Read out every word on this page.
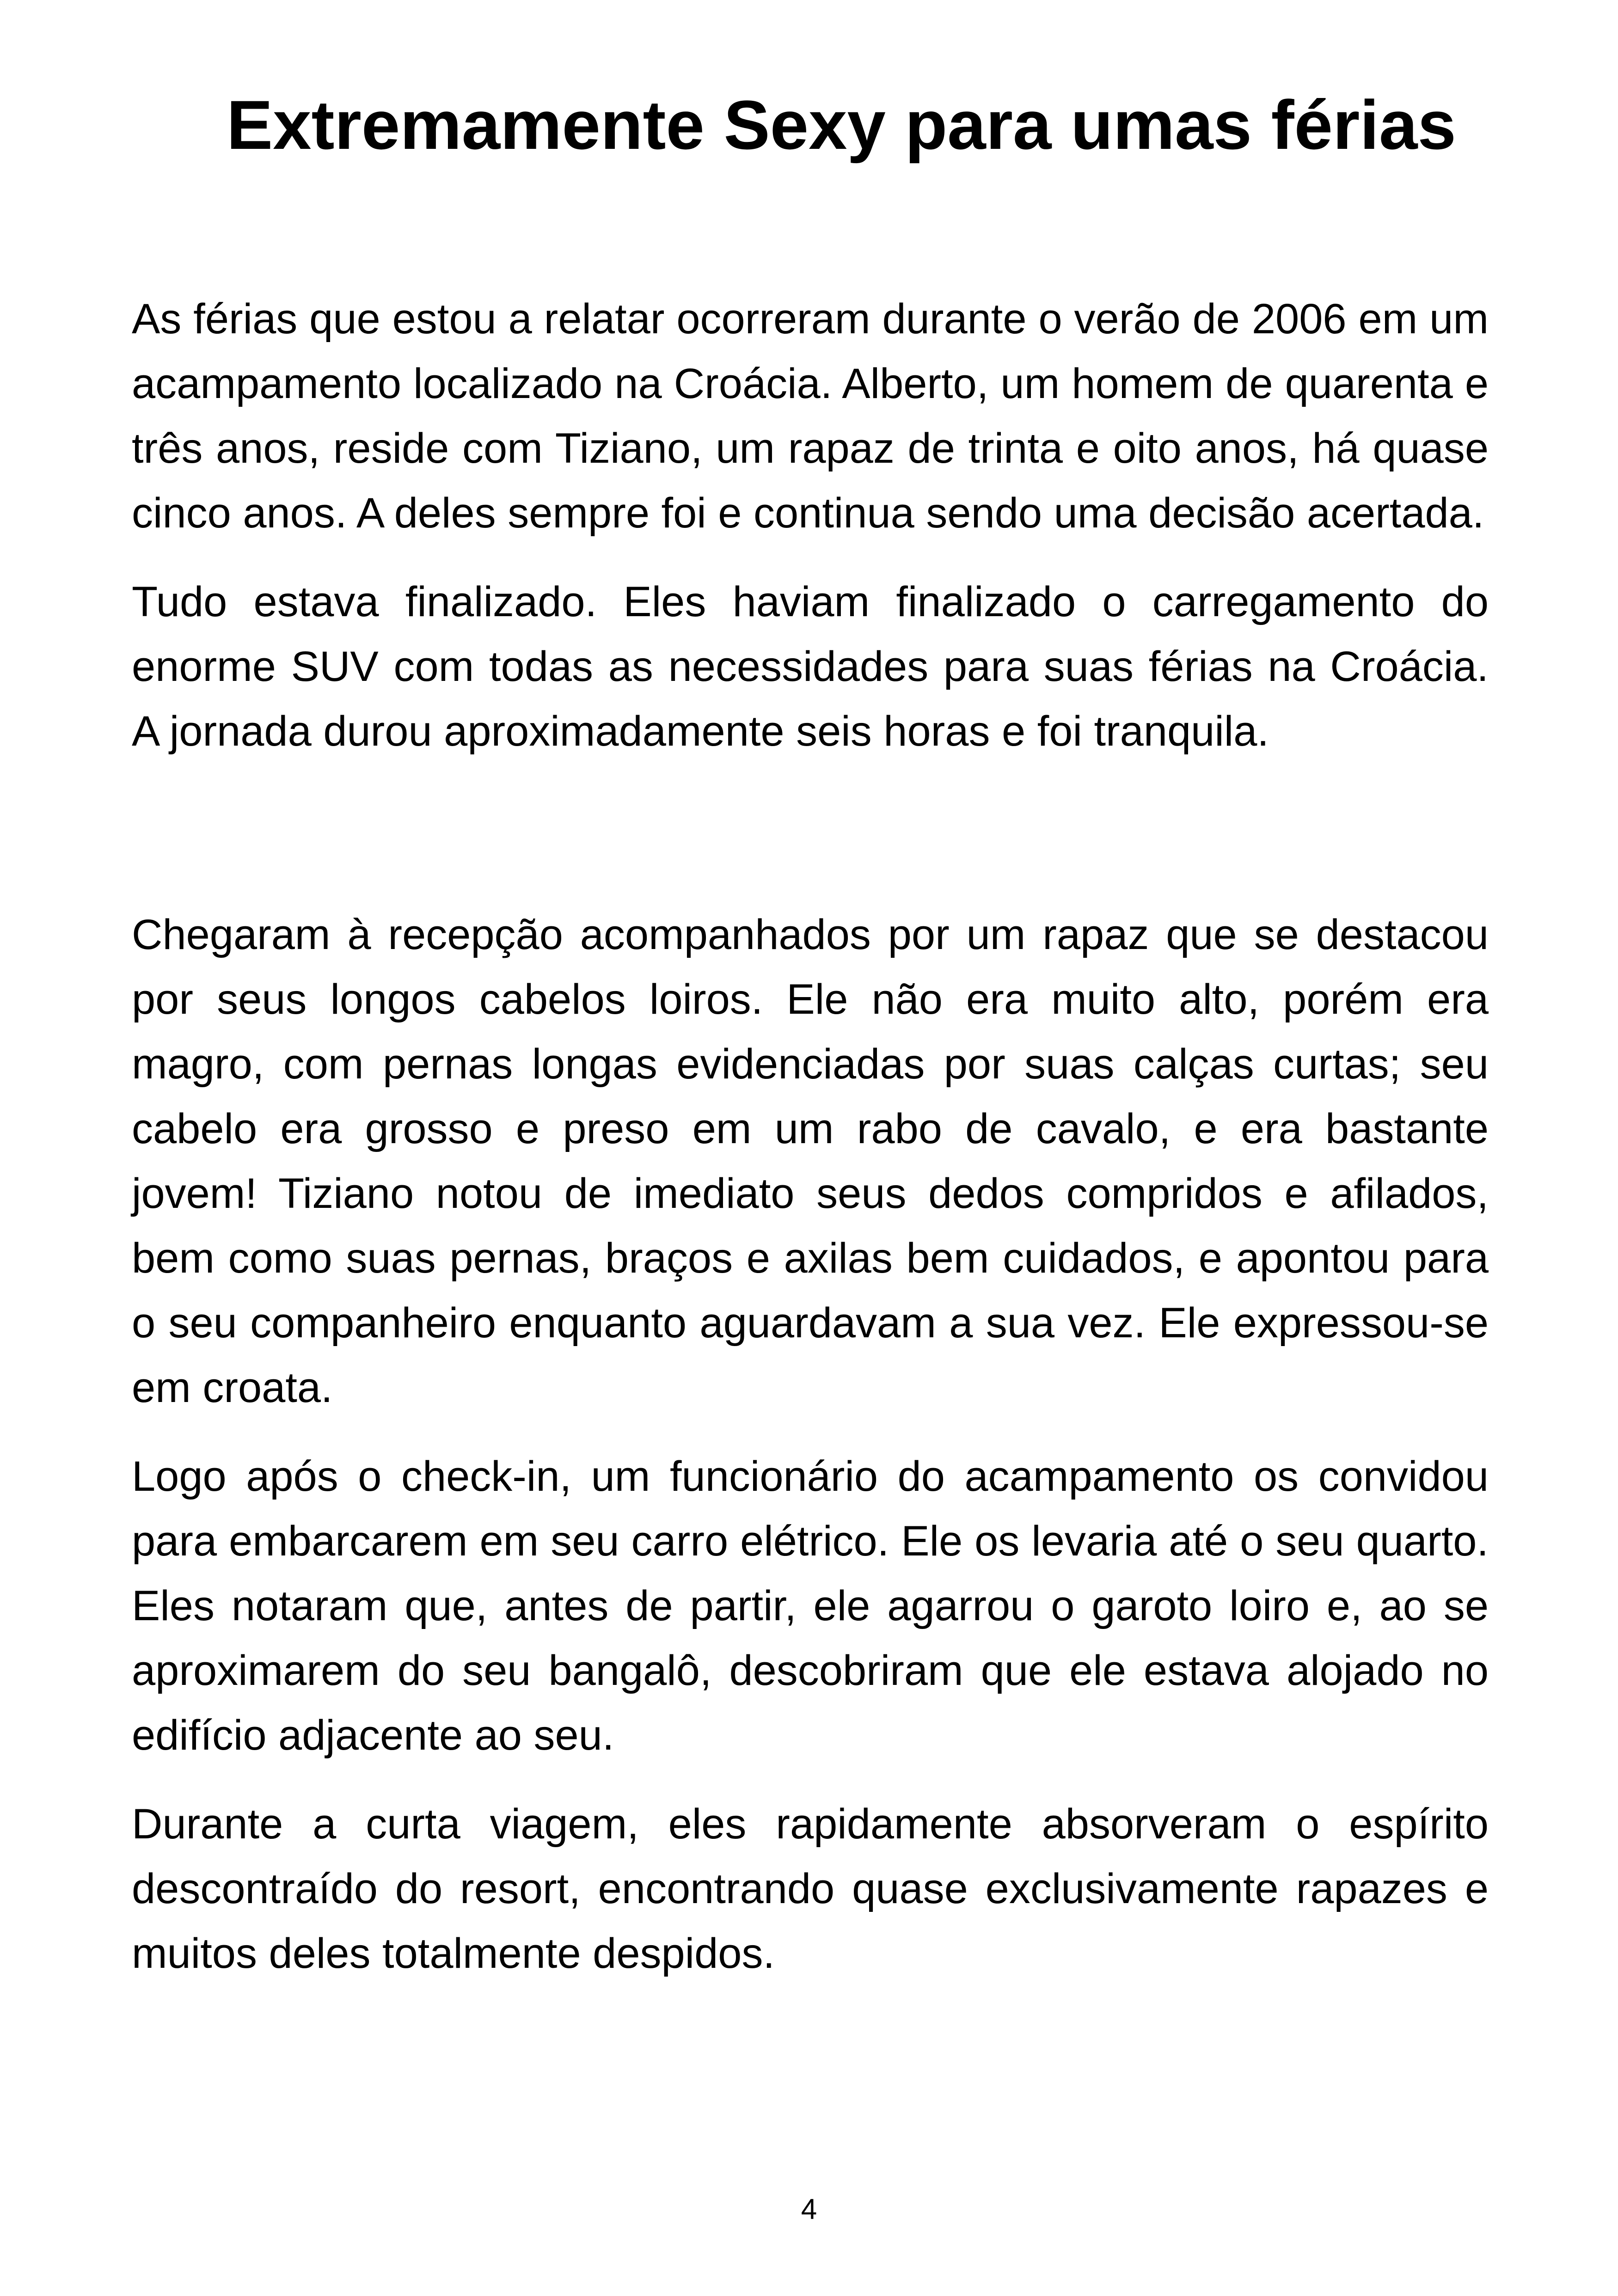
Extremamente Sexy para umas férias

As férias que estou a relatar ocorreram durante o verão de 2006 em um acampamento localizado na Croácia. Alberto, um homem de quarenta e três anos, reside com Tiziano, um rapaz de trinta e oito anos, há quase cinco anos. A deles sempre foi e continua sendo uma decisão acertada.

Tudo estava finalizado. Eles haviam finalizado o carregamento do enorme SUV com todas as necessidades para suas férias na Croácia. A jornada durou aproximadamente seis horas e foi tranquila.

Chegaram à recepção acompanhados por um rapaz que se destacou por seus longos cabelos loiros. Ele não era muito alto, porém era magro, com pernas longas evidenciadas por suas calças curtas; seu cabelo era grosso e preso em um rabo de cavalo, e era bastante jovem! Tiziano notou de imediato seus dedos compridos e afilados, bem como suas pernas, braços e axilas bem cuidados, e apontou para o seu companheiro enquanto aguardavam a sua vez. Ele expressou-se em croata.

Logo após o check-in, um funcionário do acampamento os convidou para embarcarem em seu carro elétrico. Ele os levaria até o seu quarto. Eles notaram que, antes de partir, ele agarrou o garoto loiro e, ao se aproximarem do seu bangalô, descobriram que ele estava alojado no edifício adjacente ao seu.

Durante a curta viagem, eles rapidamente absorveram o espírito descontraído do resort, encontrando quase exclusivamente rapazes e muitos deles totalmente despidos.

4
